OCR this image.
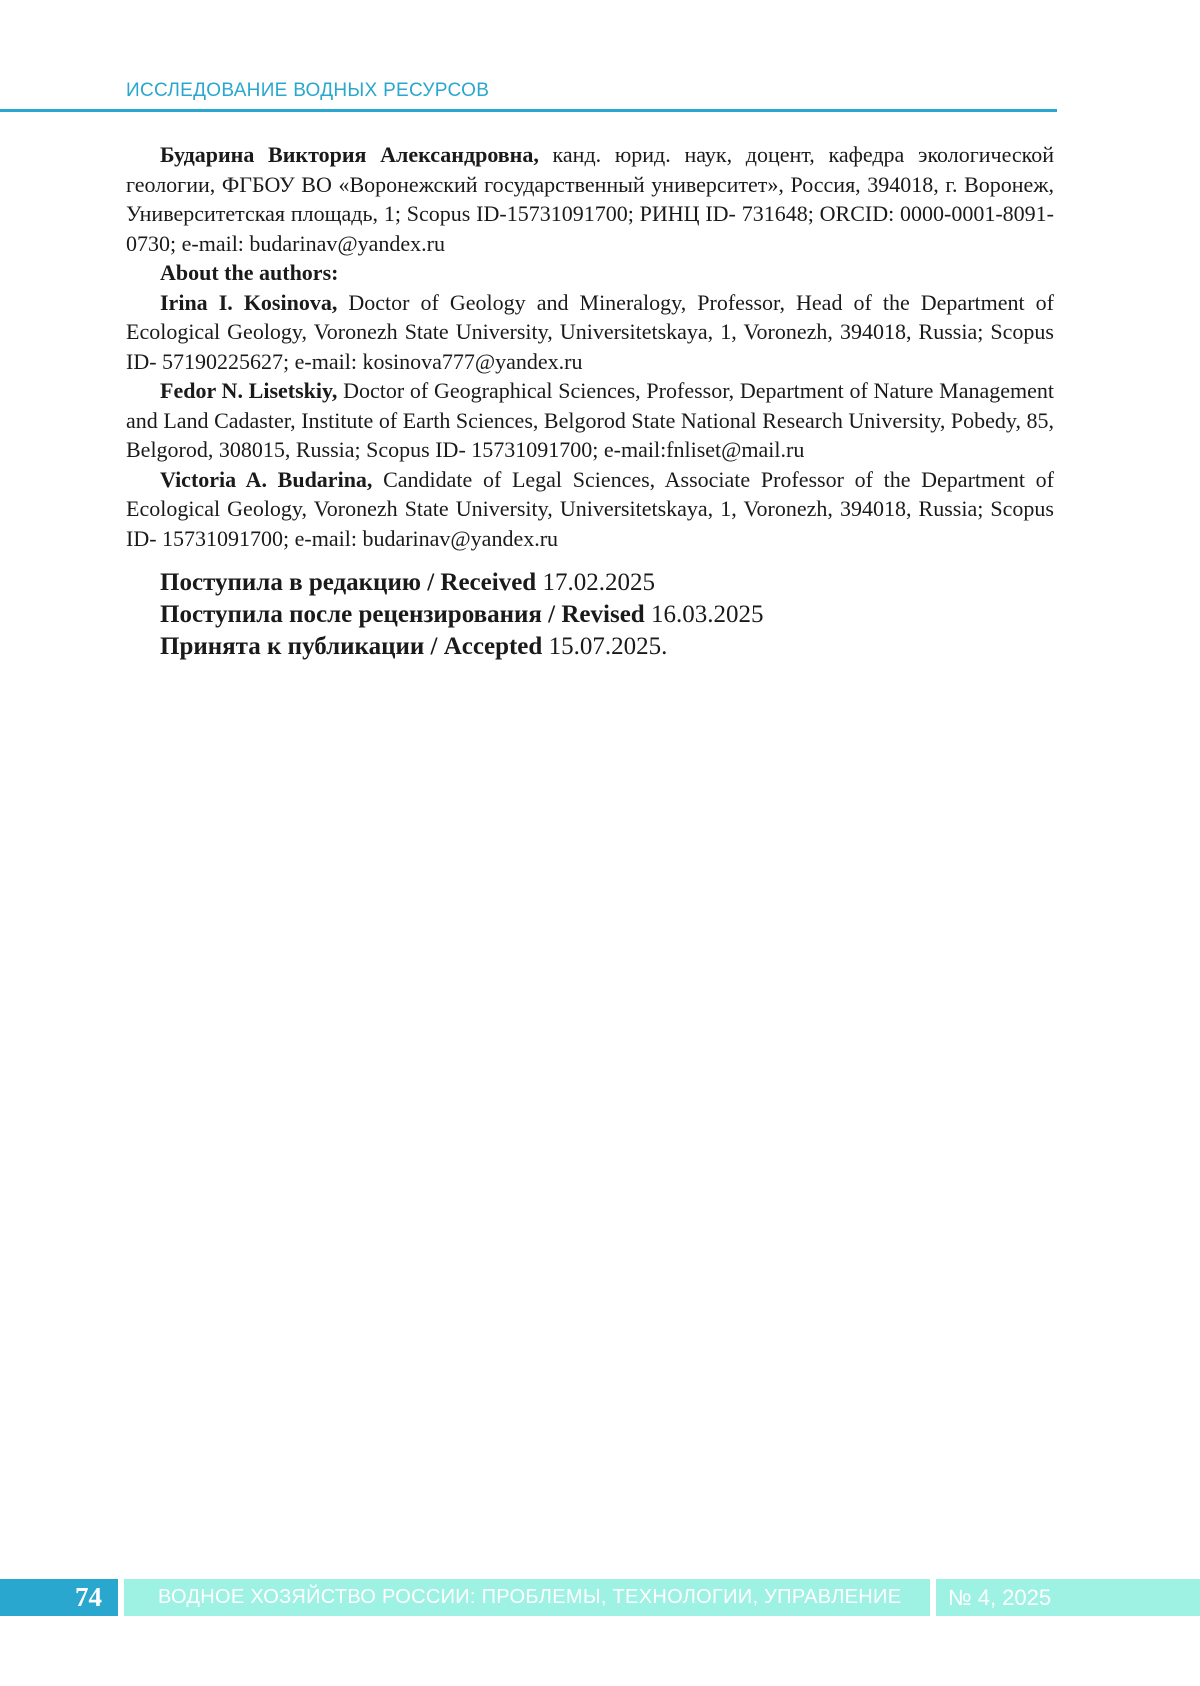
ИССЛЕДОВАНИЕ ВОДНЫХ РЕСУРСОВ

Бударина Виктория Александровна, канд. юрид. наук, доцент, кафедра экологической геологии, ФГБОУ ВО «Воронежский государственный университет», Россия, 394018, г. Воронеж, Университетская площадь, 1; Scopus ID-15731091700; РИНЦ ID- 731648; ORCID: 0000-0001-8091-0730; e-mail: budarinav@yandex.ru

About the authors:

Irina I. Kosinova, Doctor of Geology and Mineralogy, Professor, Head of the Department of Ecological Geology, Voronezh State University, Universitetskaya, 1, Voronezh, 394018, Russia; Scopus ID- 57190225627; e-mail: kosinova777@yandex.ru

Fedor N. Lisetskiy, Doctor of Geographical Sciences, Professor, Department of Nature Management and Land Cadaster, Institute of Earth Sciences, Belgorod State National Research University, Pobedy, 85, Belgorod, 308015, Russia; Scopus ID- 15731091700; e-mail:fnliset@mail.ru

Victoria A. Budarina, Candidate of Legal Sciences, Associate Professor of the Department of Ecological Geology, Voronezh State University, Universitetskaya, 1, Voronezh, 394018, Russia; Scopus ID- 15731091700; e-mail: budarinav@yandex.ru

Поступила в редакцию / Received 17.02.2025
Поступила после рецензирования / Revised 16.03.2025
Принята к публикации / Accepted 15.07.2025.
74	ВОДНОЕ ХОЗЯЙСТВО РОССИИ: ПРОБЛЕМЫ, ТЕХНОЛОГИИ, УПРАВЛЕНИЕ	№ 4, 2025
